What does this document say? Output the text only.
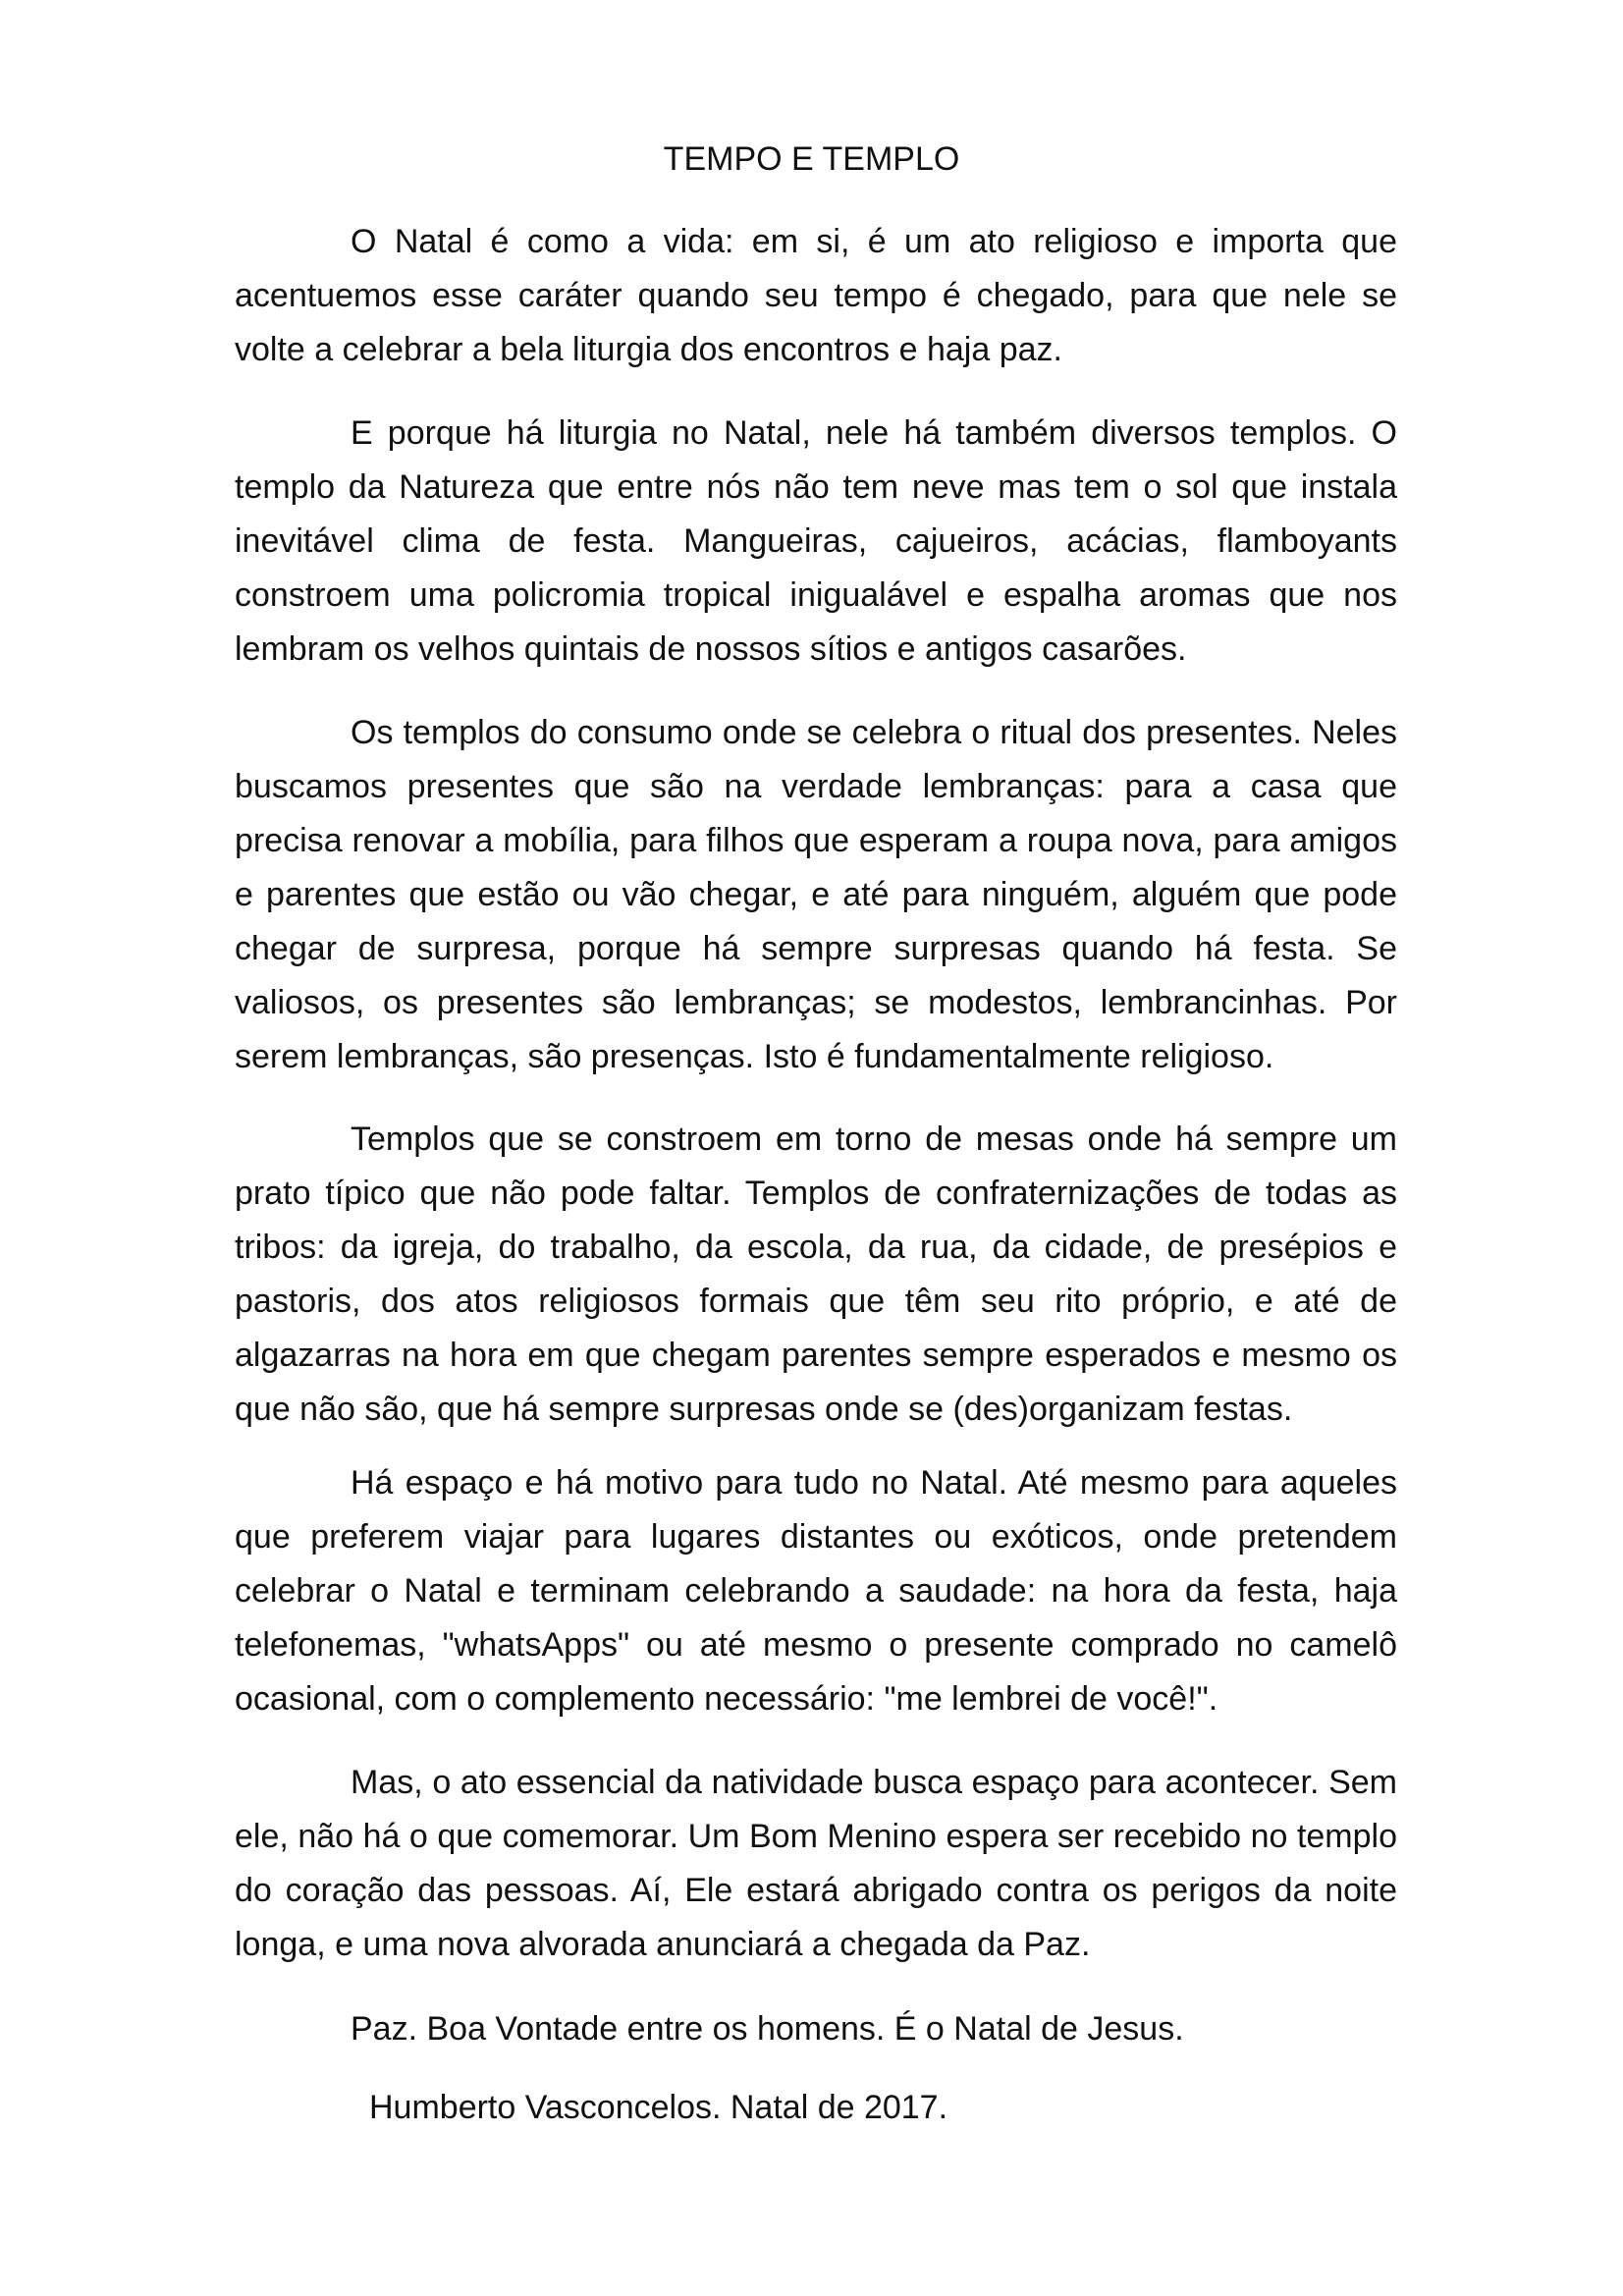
TEMPO E TEMPLO

O Natal é como a vida: em si, é um ato religioso e importa que acentuemos esse caráter quando seu tempo é chegado, para que nele se volte a celebrar a bela liturgia dos encontros e haja paz.

E porque há liturgia no Natal, nele há também diversos templos. O templo da Natureza que entre nós não tem neve mas tem o sol que instala inevitável clima de festa. Mangueiras, cajueiros, acácias, flamboyants constroem uma policromia tropical inigualável e espalha aromas que nos lembram os velhos quintais de nossos sítios e antigos casarões.

Os templos do consumo onde se celebra o ritual dos presentes. Neles buscamos presentes que são na verdade lembranças: para a casa que precisa renovar a mobília, para filhos que esperam a roupa nova, para amigos e parentes que estão ou vão chegar, e até para ninguém, alguém que pode chegar de surpresa, porque há sempre surpresas quando há festa. Se valiosos, os presentes são lembranças; se modestos, lembrancinhas. Por serem lembranças, são presenças. Isto é fundamentalmente religioso.

Templos que se constroem em torno de mesas onde há sempre um prato típico que não pode faltar. Templos de confraternizações de todas as tribos: da igreja, do trabalho, da escola, da rua, da cidade, de presépios e pastoris, dos atos religiosos formais que têm seu rito próprio, e até de algazarras na hora em que chegam parentes sempre esperados e mesmo os que não são, que há sempre surpresas onde se (des)organizam festas.

Há espaço e há motivo para tudo no Natal. Até mesmo para aqueles que preferem viajar para lugares distantes ou exóticos, onde pretendem celebrar o Natal e terminam celebrando a saudade: na hora da festa, haja telefonemas, "whatsApps" ou até mesmo o presente comprado no camelô ocasional, com o complemento necessário: "me lembrei de você!".

Mas, o ato essencial da natividade busca espaço para acontecer. Sem ele, não há o que comemorar. Um Bom Menino espera ser recebido no templo do coração das pessoas. Aí, Ele estará abrigado contra os perigos da noite longa, e uma nova alvorada anunciará a chegada da Paz.

Paz. Boa Vontade entre os homens. É o Natal de Jesus.

Humberto Vasconcelos. Natal de 2017.
